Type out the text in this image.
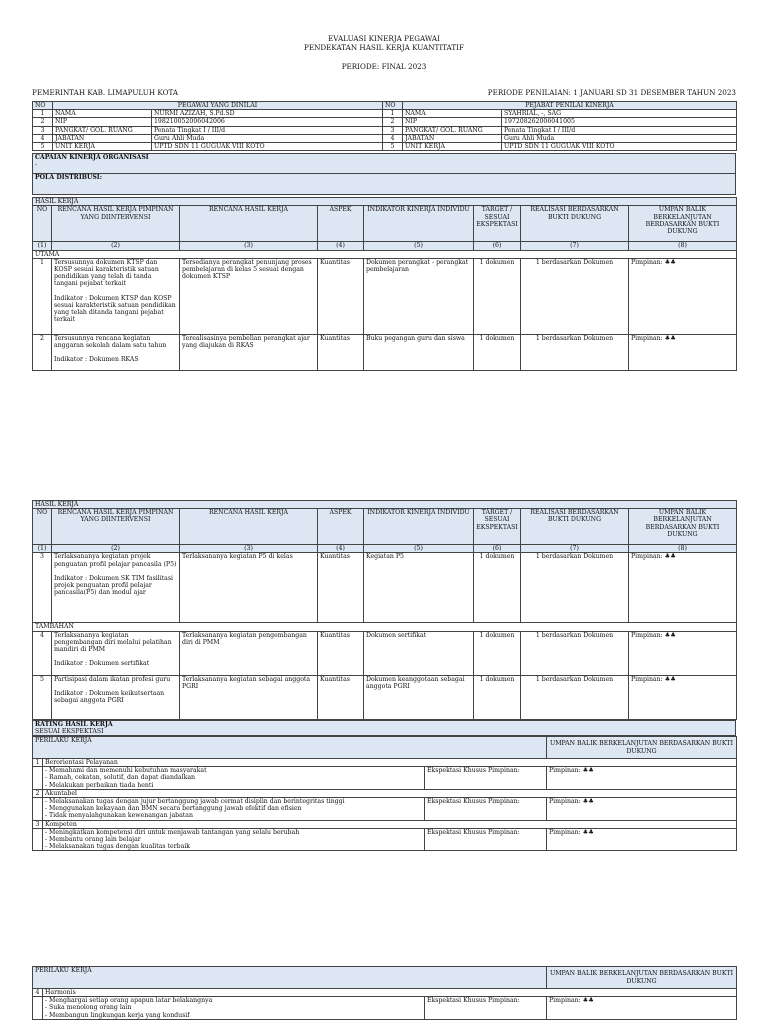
EVALUASI KINERJA PEGAWAI
PENDEKATAN HASIL KERJA KUANTITATIF
PERIODE: FINAL 2023
PEMERINTAH KAB. LIMAPULUH KOTA	PERIODE PENILAIAN: 1 JANUARI SD 31 DESEMBER TAHUN 2023
NO	PEGAWAI YANG DINILAI		NO	PEJABAT PENILAI KINERJA	
1	NAMA	NURMI AZIZAH, S.Pd.SD	1	NAMA	SYAHRIAL, -, SAG
2	NIP	198210052006042006	2	NIP	197208262006041005
3	PANGKAT/ GOL. RUANG	Penata Tingkat I / III/d	3	PANGKAT/ GOL. RUANG	Penata Tingkat I / III/d
4	JABATAN	Guru Ahli Muda	4	JABATAN	Guru Ahli Muda
5	UNIT KERJA	UPTD SDN 11 GUGUAK VIII KOTO	5	UNIT KERJA	UPTD SDN 11 GUGUAK VIII KOTO
CAPAIAN KINERJA ORGANISASI
-

POLA DISTRIBUSI:
HASIL KERJA							
NO	RENCANA HASIL KERJA PIMPINAN YANG DIINTERVENSI	RENCANA HASIL KERJA	ASPEK	INDIKATOR KINERJA INDIVIDU	TARGET / SESUAI EKSPEKTASI	REALISASI BERDASARKAN BUKTI DUKUNG	UMPAN BALIK BERKELANJUTAN BERDASARKAN BUKTI DUKUNG
(1)	(2)	(3)	(4)	(5)	(6)	(7)	(8)
UTAMA							
1	Tersusunnya dokumen KTSP dan KOSP sesuai karakteristik satuan pendidikan yang telah di tanda tangani pejabat terkait

Indikator : Dokumen KTSP dan KOSP sesuai karakteristik satuan pendidikan yang telah ditanda tangani pejabat terkait	Tersedianya perangkat penunjang proses pembelajaran di kelas 5 sesuai dengan dokumen KTSP	Kuantitas	Dokumen perangkat - perangkat pembelajaran	1 dokumen	1 berdasarkan Dokumen	Pimpinan: ♣♣
2	Tersusunnya rencana kegiatan anggaran sekolah dalam satu tahun

Indikator : Dokumen RKAS	Terealisasinya pembelian perangkat ajar yang diajukan di RKAS	Kuantitas	Buku pegangan guru dan siswa	1 dokumen	1 berdasarkan Dokumen	Pimpinan: ♣♣
HASIL KERJA							
NO	RENCANA HASIL KERJA PIMPINAN YANG DIINTERVENSI	RENCANA HASIL KERJA	ASPEK	INDIKATOR KINERJA INDIVIDU	TARGET / SESUAI EKSPEKTASI	REALISASI BERDASARKAN BUKTI DUKUNG	UMPAN BALIK BERKELANJUTAN BERDASARKAN BUKTI DUKUNG
(1)	(2)	(3)	(4)	(5)	(6)	(7)	(8)
3	Terlaksananya kegiatan projek penguatan profil pelajar pancasila (P5)

Indikator : Dokumen SK TIM fasilitasi projek penguatan profil pelajar pancasila(P5) dan modul ajar	Terlaksananya kegiatan P5 di kelas	Kuantitas	Kegiatan P5	1 dokumen	1 berdasarkan Dokumen	Pimpinan: ♣♣
TAMBAHAN							
4	Terlaksananya kegiatan pengembangan diri melalui pelatihan mandiri di PMM

Indikator : Dokumen sertifikat	Terlaksananya kegiatan pengembangan diri di PMM	Kuantitas	Dokumen sertifikat	1 dokumen	1 berdasarkan Dokumen	Pimpinan: ♣♣
5	Partisipasi dalam ikatan profesi guru

Indikator : Dokumen keikutsertaan sebagai anggota PGRI	Terlaksananya kegiatan sebagai anggota PGRI	Kuantitas	Dokumen keanggotaan sebagai anggota PGRI	1 dokumen	1 berdasarkan Dokumen	Pimpinan: ♣♣
RATING HASIL KERJA
SESUAI EKSPEKTASI
PERILAKU KERJA			UMPAN BALIK BERKELANJUTAN BERDASARKAN BUKTI DUKUNG
1	Berorientasi Pelayanan		
	- Memahami dan memenuhi kebutuhan masyarakat
- Ramah, cekatan, solutif, dan dapat diandalkan
- Melakukan perbaikan tiada henti	Ekspektasi Khusus Pimpinan:	Pimpinan: ♣♣
2	Akuntabel		
	- Melaksanakan tugas dengan jujur bertanggung jawab cermat disiplin dan berintegritas tinggi
- Menggunakan kekayaan dan BMN secara bertanggung jawab efektif dan efisien
- Tidak menyalahgunakan kewenangan jabatan	Ekspektasi Khusus Pimpinan:	Pimpinan: ♣♣
3	Kompeten		
	- Meningkatkan kompetensi diri untuk menjawab tantangan yang selalu berubah
- Membantu orang lain belajar
- Melaksanakan tugas dengan kualitas terbaik	Ekspektasi Khusus Pimpinan:	Pimpinan: ♣♣
PERILAKU KERJA			UMPAN BALIK BERKELANJUTAN BERDASARKAN BUKTI DUKUNG
4	Harmonis		
	- Menghargai setiap orang apapun latar belakangnya
- Suka menolong orang lain
- Membangun lingkungan kerja yang kondusif	Ekspektasi Khusus Pimpinan:	Pimpinan: ♣♣
